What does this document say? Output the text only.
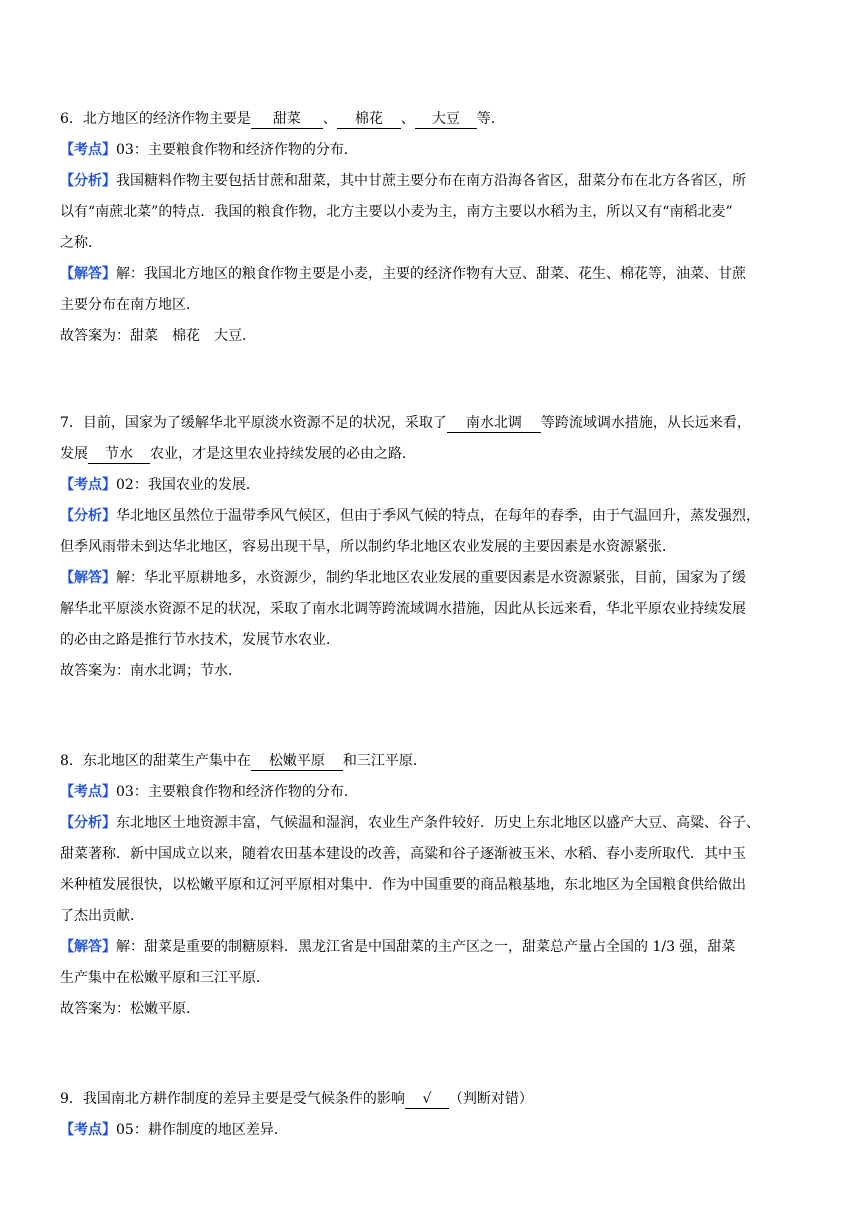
6．北方地区的经济作物主要是 甜菜 、 棉花 、 大豆 等．

【考点】03：主要粮食作物和经济作物的分布．

【分析】我国糖料作物主要包括甘蔗和甜菜，其中甘蔗主要分布在南方沿海各省区，甜菜分布在北方各省区，所

以有“南蔗北菜”的特点．我国的粮食作物，北方主要以小麦为主，南方主要以水稻为主，所以又有“南稻北麦”

之称．

【解答】解：我国北方地区的粮食作物主要是小麦，主要的经济作物有大豆、甜菜、花生、棉花等，油菜、甘蔗

主要分布在南方地区．

故答案为：甜菜　棉花　大豆．

7．目前，国家为了缓解华北平原淡水资源不足的状况，采取了 南水北调 等跨流域调水措施，从长远来看，

发展 节水 农业，才是这里农业持续发展的必由之路．

【考点】02：我国农业的发展．

【分析】华北地区虽然位于温带季风气候区，但由于季风气候的特点，在每年的春季，由于气温回升，蒸发强烈，

但季风雨带未到达华北地区，容易出现干旱，所以制约华北地区农业发展的主要因素是水资源紧张．

【解答】解：华北平原耕地多，水资源少，制约华北地区农业发展的重要因素是水资源紧张，目前，国家为了缓

解华北平原淡水资源不足的状况，采取了南水北调等跨流域调水措施，因此从长远来看，华北平原农业持续发展

的必由之路是推行节水技术，发展节水农业．

故答案为：南水北调；节水．

8．东北地区的甜菜生产集中在 松嫩平原 和三江平原．

【考点】03：主要粮食作物和经济作物的分布．

【分析】东北地区土地资源丰富，气候温和湿润，农业生产条件较好．历史上东北地区以盛产大豆、高粱、谷子、

甜菜著称．新中国成立以来，随着农田基本建设的改善，高粱和谷子逐渐被玉米、水稻、春小麦所取代．其中玉

米种植发展很快，以松嫩平原和辽河平原相对集中．作为中国重要的商品粮基地，东北地区为全国粮食供给做出

了杰出贡献．

【解答】解：甜菜是重要的制糖原料．黑龙江省是中国甜菜的主产区之一，甜菜总产量占全国的 1/3 强，甜菜

生产集中在松嫩平原和三江平原．

故答案为：松嫩平原．

9．我国南北方耕作制度的差异主要是受气候条件的影响 √ （判断对错）

【考点】05：耕作制度的地区差异．
